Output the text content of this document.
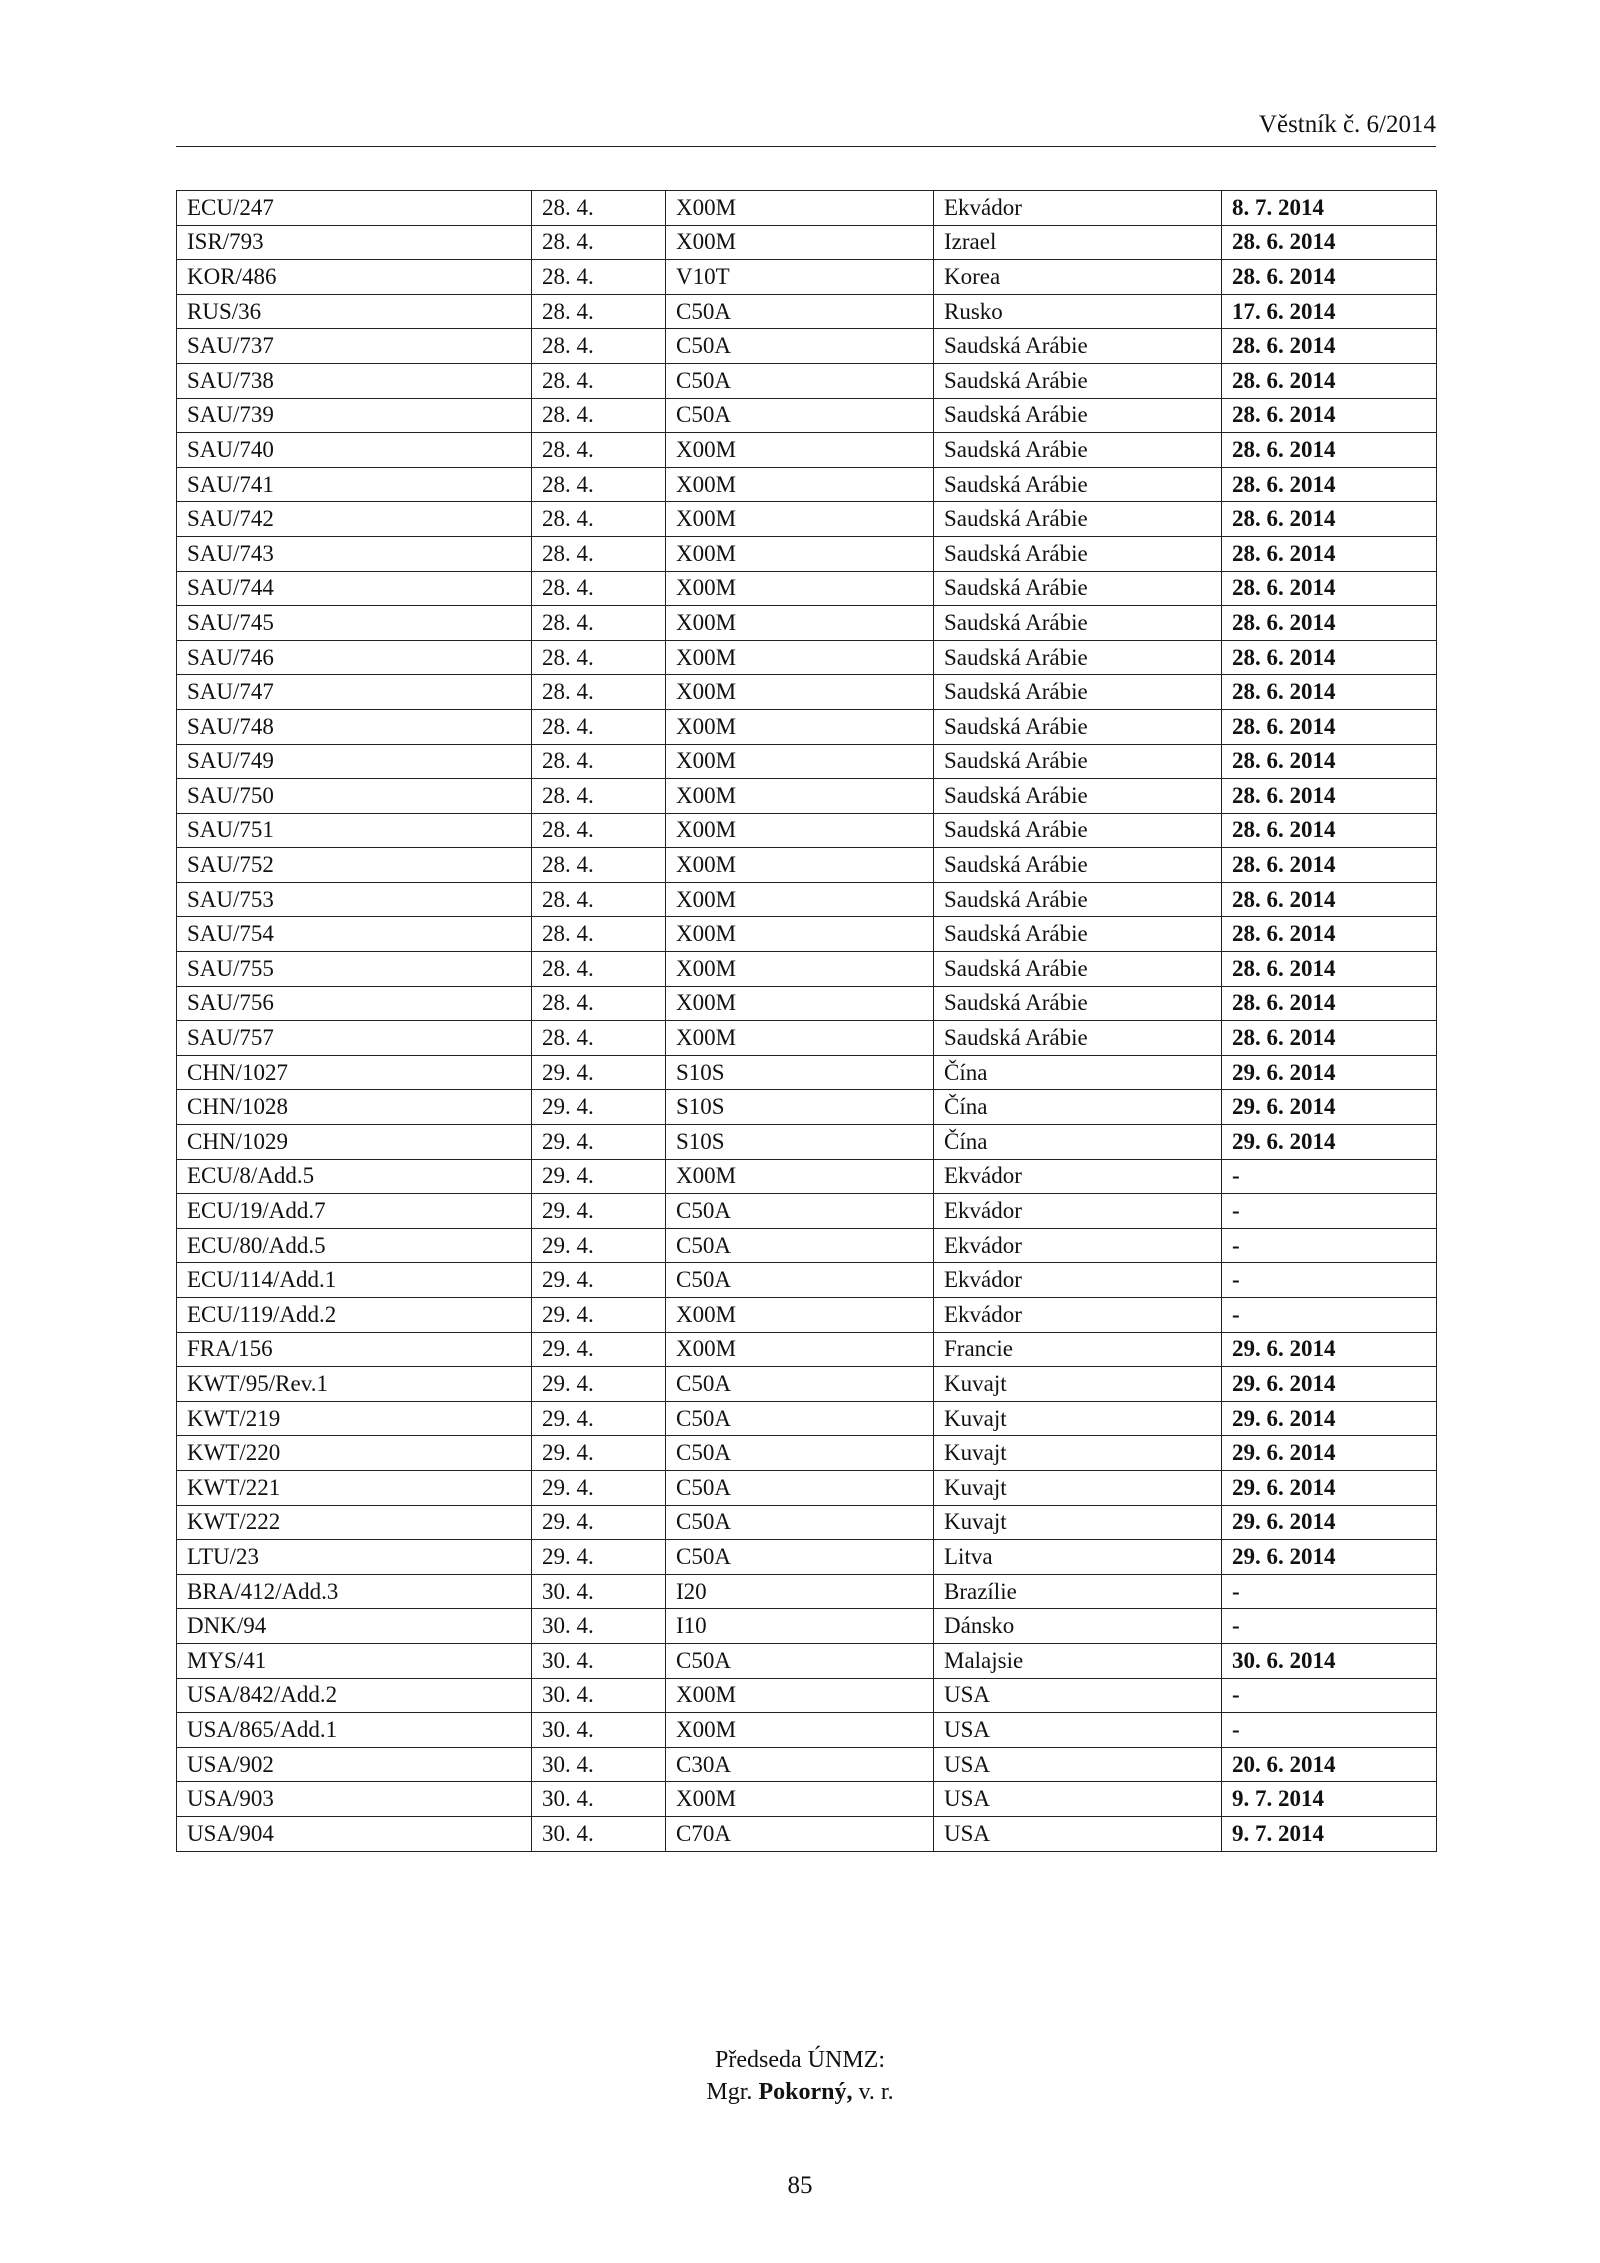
Věstník č. 6/2014
ECU/247	28. 4.	X00M	Ekvádor	8. 7. 2014
ISR/793	28. 4.	X00M	Izrael	28. 6. 2014
KOR/486	28. 4.	V10T	Korea	28. 6. 2014
RUS/36	28. 4.	C50A	Rusko	17. 6. 2014
SAU/737	28. 4.	C50A	Saudská Arábie	28. 6. 2014
SAU/738	28. 4.	C50A	Saudská Arábie	28. 6. 2014
SAU/739	28. 4.	C50A	Saudská Arábie	28. 6. 2014
SAU/740	28. 4.	X00M	Saudská Arábie	28. 6. 2014
SAU/741	28. 4.	X00M	Saudská Arábie	28. 6. 2014
SAU/742	28. 4.	X00M	Saudská Arábie	28. 6. 2014
SAU/743	28. 4.	X00M	Saudská Arábie	28. 6. 2014
SAU/744	28. 4.	X00M	Saudská Arábie	28. 6. 2014
SAU/745	28. 4.	X00M	Saudská Arábie	28. 6. 2014
SAU/746	28. 4.	X00M	Saudská Arábie	28. 6. 2014
SAU/747	28. 4.	X00M	Saudská Arábie	28. 6. 2014
SAU/748	28. 4.	X00M	Saudská Arábie	28. 6. 2014
SAU/749	28. 4.	X00M	Saudská Arábie	28. 6. 2014
SAU/750	28. 4.	X00M	Saudská Arábie	28. 6. 2014
SAU/751	28. 4.	X00M	Saudská Arábie	28. 6. 2014
SAU/752	28. 4.	X00M	Saudská Arábie	28. 6. 2014
SAU/753	28. 4.	X00M	Saudská Arábie	28. 6. 2014
SAU/754	28. 4.	X00M	Saudská Arábie	28. 6. 2014
SAU/755	28. 4.	X00M	Saudská Arábie	28. 6. 2014
SAU/756	28. 4.	X00M	Saudská Arábie	28. 6. 2014
SAU/757	28. 4.	X00M	Saudská Arábie	28. 6. 2014
CHN/1027	29. 4.	S10S	Čína	29. 6. 2014
CHN/1028	29. 4.	S10S	Čína	29. 6. 2014
CHN/1029	29. 4.	S10S	Čína	29. 6. 2014
ECU/8/Add.5	29. 4.	X00M	Ekvádor	-
ECU/19/Add.7	29. 4.	C50A	Ekvádor	-
ECU/80/Add.5	29. 4.	C50A	Ekvádor	-
ECU/114/Add.1	29. 4.	C50A	Ekvádor	-
ECU/119/Add.2	29. 4.	X00M	Ekvádor	-
FRA/156	29. 4.	X00M	Francie	29. 6. 2014
KWT/95/Rev.1	29. 4.	C50A	Kuvajt	29. 6. 2014
KWT/219	29. 4.	C50A	Kuvajt	29. 6. 2014
KWT/220	29. 4.	C50A	Kuvajt	29. 6. 2014
KWT/221	29. 4.	C50A	Kuvajt	29. 6. 2014
KWT/222	29. 4.	C50A	Kuvajt	29. 6. 2014
LTU/23	29. 4.	C50A	Litva	29. 6. 2014
BRA/412/Add.3	30. 4.	I20	Brazílie	-
DNK/94	30. 4.	I10	Dánsko	-
MYS/41	30. 4.	C50A	Malajsie	30. 6. 2014
USA/842/Add.2	30. 4.	X00M	USA	-
USA/865/Add.1	30. 4.	X00M	USA	-
USA/902	30. 4.	C30A	USA	20. 6. 2014
USA/903	30. 4.	X00M	USA	9. 7. 2014
USA/904	30. 4.	C70A	USA	9. 7. 2014
Předseda ÚNMZ:
Mgr. Pokorný, v. r.
85
